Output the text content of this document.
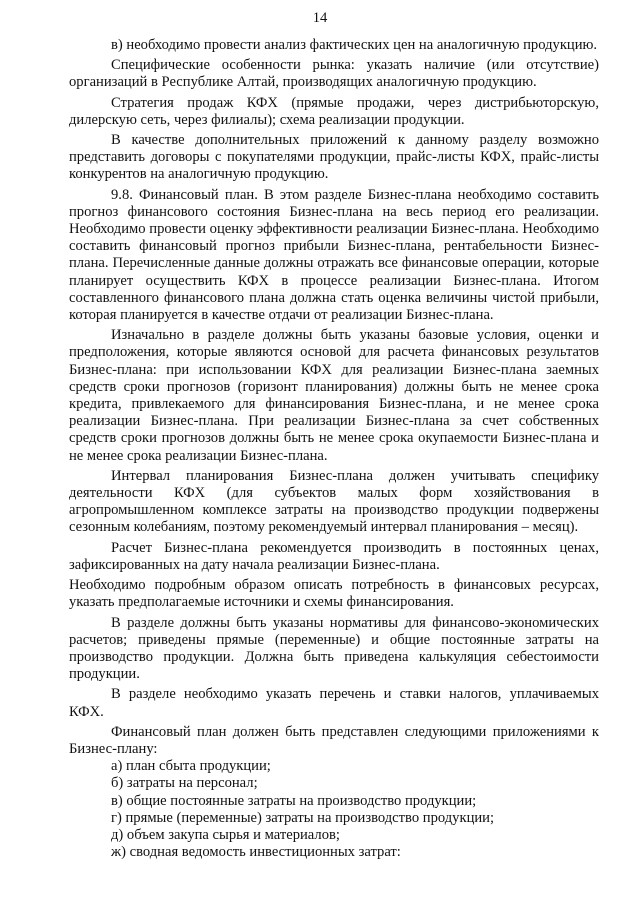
14

в) необходимо провести анализ фактических цен на аналогичную продукцию.

Специфические особенности рынка: указать наличие (или отсутствие) организаций в Республике Алтай, производящих аналогичную продукцию.

Стратегия продаж КФХ (прямые продажи, через дистрибьюторскую, дилерскую сеть, через филиалы); схема реализации продукции.

В качестве дополнительных приложений к данному разделу возможно представить договоры с покупателями продукции, прайс-листы КФХ, прайс-листы конкурентов на аналогичную продукцию.

9.8. Финансовый план. В этом разделе Бизнес-плана необходимо составить прогноз финансового состояния Бизнес-плана на весь период его реализации. Необходимо провести оценку эффективности реализации Бизнес-плана. Необходимо составить финансовый прогноз прибыли Бизнес-плана, рентабельности Бизнес-плана. Перечисленные данные должны отражать все финансовые операции, которые планирует осуществить КФХ в процессе реализации Бизнес-плана. Итогом составленного финансового плана должна стать оценка величины чистой прибыли, которая планируется в качестве отдачи от реализации Бизнес-плана.

Изначально в разделе должны быть указаны базовые условия, оценки и предположения, которые являются основой для расчета финансовых результатов Бизнес-плана: при использовании КФХ для реализации Бизнес-плана заемных средств сроки прогнозов (горизонт планирования) должны быть не менее срока кредита, привлекаемого для финансирования Бизнес-плана, и не менее срока реализации Бизнес-плана. При реализации Бизнес-плана за счет собственных средств сроки прогнозов должны быть не менее срока окупаемости Бизнес-плана и не менее срока реализации Бизнес-плана.

Интервал планирования Бизнес-плана должен учитывать специфику деятельности КФХ (для субъектов малых форм хозяйствования в агропромышленном комплексе затраты на производство продукции подвержены сезонным колебаниям, поэтому рекомендуемый интервал планирования – месяц).

Расчет Бизнес-плана рекомендуется производить в постоянных ценах, зафиксированных на дату начала реализации Бизнес-плана.

Необходимо подробным образом описать потребность в финансовых ресурсах, указать предполагаемые источники и схемы финансирования.

В разделе должны быть указаны нормативы для финансово-экономических расчетов; приведены прямые (переменные) и общие постоянные затраты на производство продукции. Должна быть приведена калькуляция себестоимости продукции.

В разделе необходимо указать перечень и ставки налогов, уплачиваемых КФХ.

Финансовый план должен быть представлен следующими приложениями к Бизнес-плану:

а) план сбыта продукции;
б) затраты на персонал;
в) общие постоянные затраты на производство продукции;
г) прямые (переменные) затраты на производство продукции;
д) объем закупа сырья и материалов;
ж) сводная ведомость инвестиционных затрат:
